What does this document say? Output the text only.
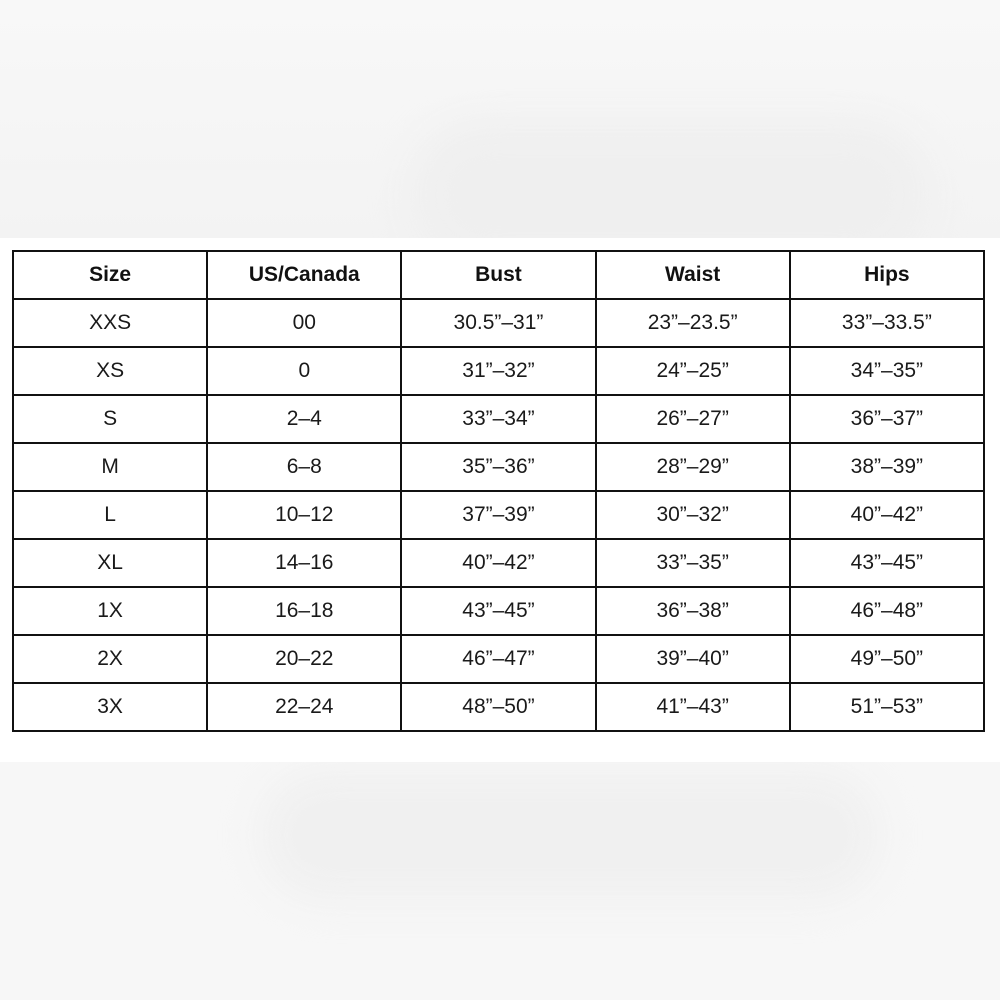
Size	US/Canada	Bust	Waist	Hips
XXS	00	30.5”–31”	23”–23.5”	33”–33.5”
XS	0	31”–32”	24”–25”	34”–35”
S	2–4	33”–34”	26”–27”	36”–37”
M	6–8	35”–36”	28”–29”	38”–39”
L	10–12	37”–39”	30”–32”	40”–42”
XL	14–16	40”–42”	33”–35”	43”–45”
1X	16–18	43”–45”	36”–38”	46”–48”
2X	20–22	46”–47”	39”–40”	49”–50”
3X	22–24	48”–50”	41”–43”	51”–53”
